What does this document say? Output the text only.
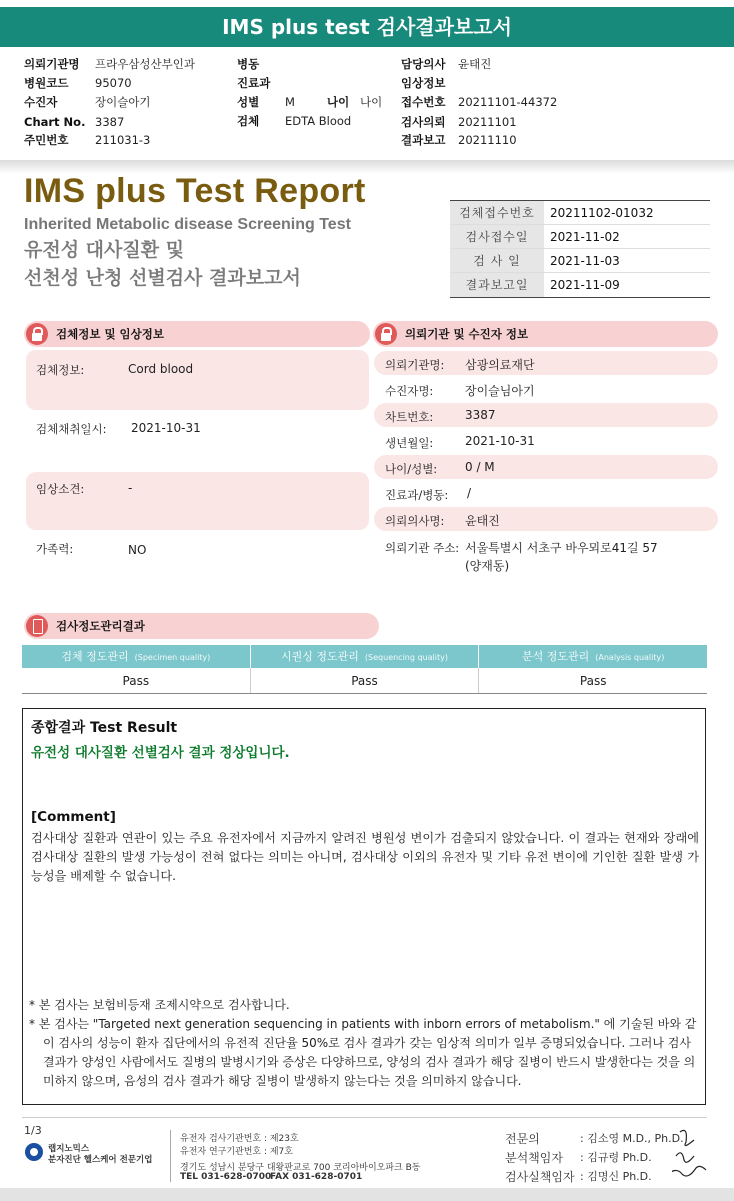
IMS plus test 검사결과보고서
의뢰기관명 프라우삼성산부인과
병원코드 95070
수진자	장이슬아기
Chart No. 3387
주민번호 211031-3
병동
진료과
성별 M	나이 나이
검체 EDTA Blood
담당의사 윤태진
임상정보
접수번호 20211101-44372
검사의뢰 20211101
결과보고 20211110
IMS plus Test Report
Inherited Metabolic disease Screening Test
유전성 대사질환 및
선천성 난청 선별검사 결과보고서
검체접수번호	20211102-01032
검사접수일	2021-11-02
검 사 일	2021-11-03
결과보고일	2021-11-09
검체정보 및 임상정보
검체정보:	Cord blood
검체채취일시: 2021-10-31
임상소견:	-
가족력:	NO
의뢰기관 및 수진자 정보
의뢰기관명: 삼광의료재단
수진자명:	장이슬님아기
차트번호:	3387
생년월일:	2021-10-31
나이/성별: 0 / M
진료과/병동: /
의뢰의사명: 윤태진
의뢰기관 주소: 서울특별시 서초구 바우뫼로41길 57
(양재동)
검사정도관리결과
검체 정도관리 (Specimen quality)	시퀀싱 정도관리 (Sequencing quality)	분석 정도관리 (Analysis quality)
Pass	Pass	Pass
종합결과 Test Result
유전성 대사질환 선별검사 결과 정상입니다.
[Comment]
검사대상 질환과 연관이 있는 주요 유전자에서 지금까지 알려진 병원성 변이가 검출되지 않았습니다. 이 결과는 현재와 장래에 검사대상 질환의 발생 가능성이 전혀 없다는 의미는 아니며, 검사대상 이외의 유전자 및 기타 유전 변이에 기인한 질환 발생 가능성을 배제할 수 없습니다.
* 본 검사는 보험비등재 조제시약으로 검사합니다.
* 본 검사는 "Targeted next generation sequencing in patients with inborn errors of metabolism." 에 기술된 바와 같이 검사의 성능이 환자 집단에서의 유전적 진단율 50%로 검사 결과가 갖는 임상적 의미가 일부 증명되었습니다. 그러나 검사 결과가 양성인 사람에서도 질병의 발병시기와 증상은 다양하므로, 양성의 검사 결과가 해당 질병이 반드시 발생한다는 것을 의미하지 않으며, 음성의 검사 결과가 해당 질병이 발생하지 않는다는 것을 의미하지 않습니다.
1/3
랩지노믹스
분자진단 헬스케어 전문기업
유전자 검사기관번호 : 제23호
유전자 연구기관번호 : 제7호
경기도 성남시 분당구 대왕판교로 700 코리아바이오파크 B동
TEL 031-628-0700
FAX 031-628-0701
전문의	: 김소영 M.D., Ph.D.
분석책임자 : 김규령 Ph.D.
검사실책임자 : 김명신 Ph.D.
